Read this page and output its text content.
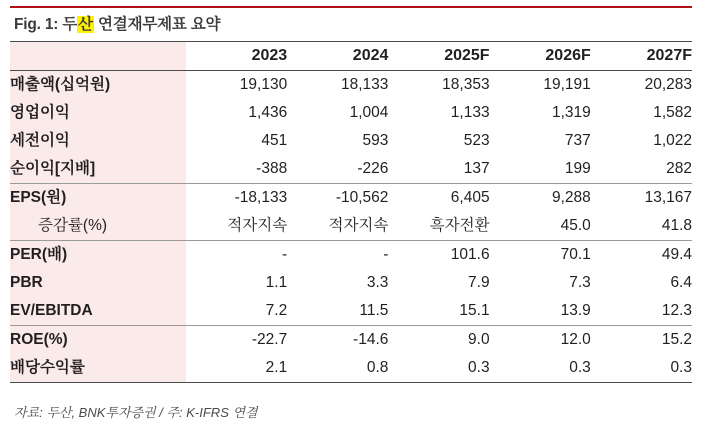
Fig. 1: 두산 연결재무제표 요약
	2023	2024	2025F	2026F	2027F
매출액(십억원)	19,130	18,133	18,353	19,191	20,283
영업이익	1,436	1,004	1,133	1,319	1,582
세전이익	451	593	523	737	1,022
순이익[지배]	-388	-226	137	199	282
EPS(원)	-18,133	-10,562	6,405	9,288	13,167
증감률(%)	적자지속	적자지속	흑자전환	45.0	41.8
PER(배)	-	-	101.6	70.1	49.4
PBR	1.1	3.3	7.9	7.3	6.4
EV/EBITDA	7.2	11.5	15.1	13.9	12.3
ROE(%)	-22.7	-14.6	9.0	12.0	15.2
배당수익률	2.1	0.8	0.3	0.3	0.3
자료: 두산, BNK투자증권 / 주: K-IFRS 연결
